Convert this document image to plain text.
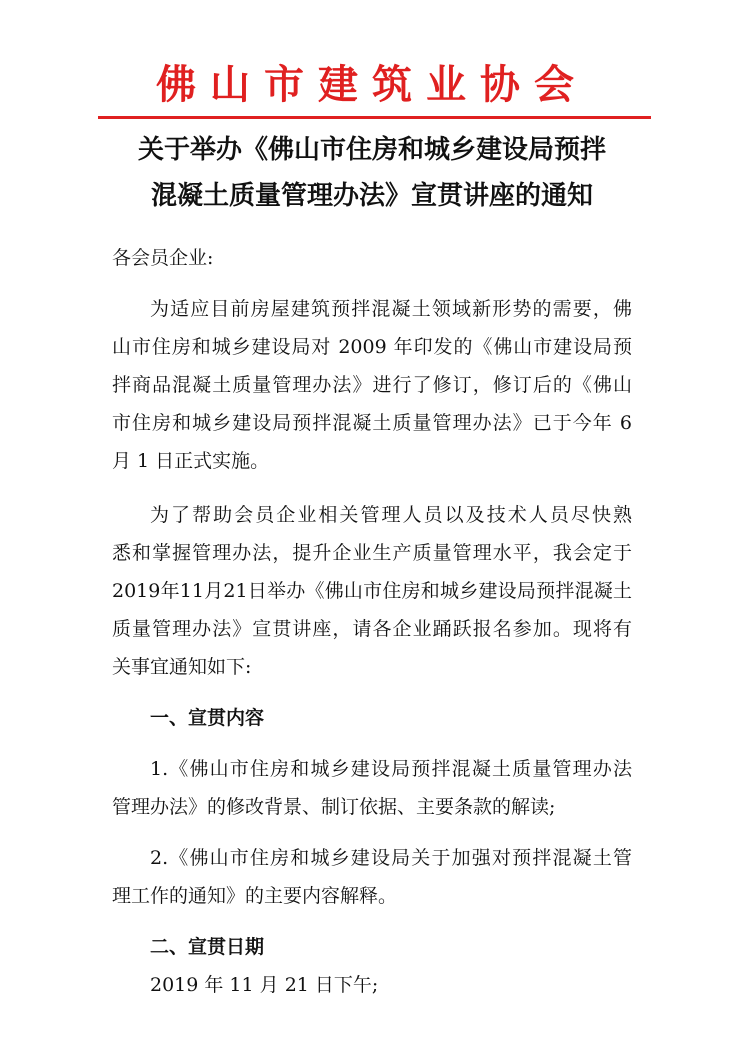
佛山市建筑业协会
关于举办《佛山市住房和城乡建设局预拌
混凝土质量管理办法》宣贯讲座的通知
各会员企业:
为适应目前房屋建筑预拌混凝土领域新形势的需要，佛
山市住房和城乡建设局对 2009 年印发的《佛山市建设局预
拌商品混凝土质量管理办法》进行了修订，修订后的《佛山
市住房和城乡建设局预拌混凝土质量管理办法》已于今年 6
月 1 日正式实施。
为了帮助会员企业相关管理人员以及技术人员尽快熟
悉和掌握管理办法，提升企业生产质量管理水平，我会定于
2019年11月21日举办《佛山市住房和城乡建设局预拌混凝土
质量管理办法》宣贯讲座，请各企业踊跃报名参加。现将有
关事宜通知如下:
一、宣贯内容
1.《佛山市住房和城乡建设局预拌混凝土质量管理办法
管理办法》的修改背景、制订依据、主要条款的解读;
2.《佛山市住房和城乡建设局关于加强对预拌混凝土管
理工作的通知》的主要内容解释。
二、宣贯日期
2019 年 11 月 21 日下午;
